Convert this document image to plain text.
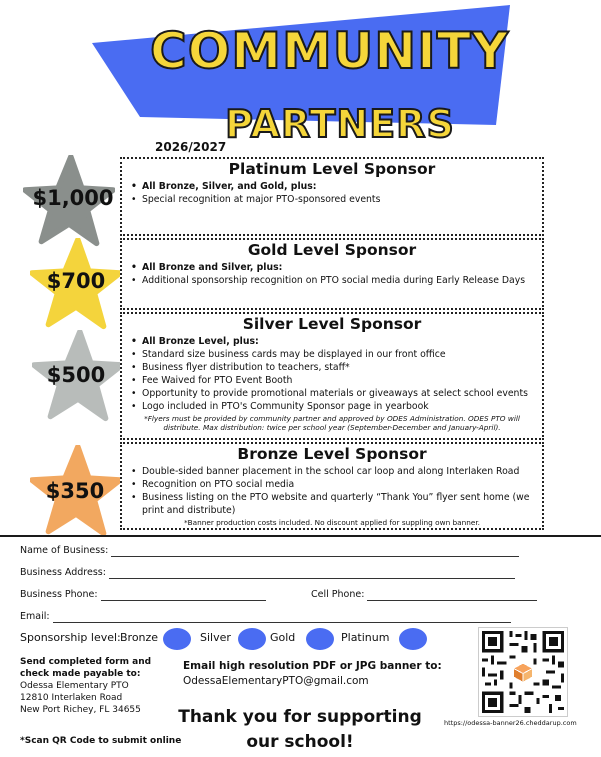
COMMUNITY
PARTNERS
2026/2027
$1,000
$700
$500
$350
Platinum Level Sponsor
• All Bronze, Silver, and Gold, plus:
• Special recognition at major PTO-sponsored events
Gold Level Sponsor
• All Bronze and Silver, plus:
• Additional sponsorship recognition on PTO social media during Early Release Days
Silver Level Sponsor
• All Bronze Level, plus:
• Standard size business cards may be displayed in our front office
• Business flyer distribution to teachers, staff*
• Fee Waived for PTO Event Booth
• Opportunity to provide promotional materials or giveaways at select school events
• Logo included in PTO's Community Sponsor page in yearbook
*Flyers must be provided by community partner and approved by ODES Administration. ODES PTO will distribute. Max distribution: twice per school year (September-December and January-April).
Bronze Level Sponsor
• Double-sided banner placement in the school car loop and along Interlaken Road
• Recognition on PTO social media
• Business listing on the PTO website and quarterly “Thank You” flyer sent home (we print and distribute)
*Banner production costs included. No discount applied for suppling own banner.
Name of Business:
Business Address:
Business Phone:	Cell Phone:
Email:
Sponsorship level: Bronze	Silver	Gold	Platinum
Send completed form and
check made payable to:
Odessa Elementary PTO
12810 Interlaken Road
New Port Richey, FL 34655
*Scan QR Code to submit online
Email high resolution PDF or JPG banner to:
OdessaElementaryPTO@gmail.com
Thank you for supporting
our school!
https://odessa-banner26.cheddarup.com
